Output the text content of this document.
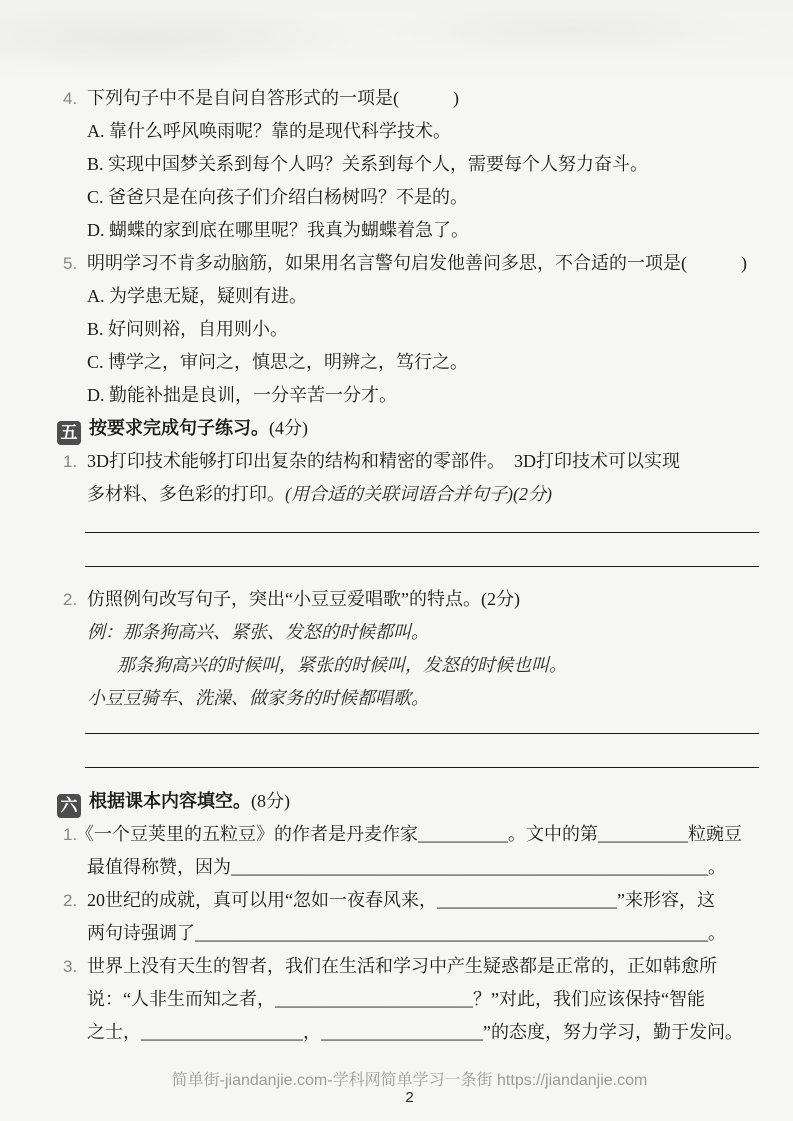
4. 下列句子中不是自问自答形式的一项是(　　　)
A. 靠什么呼风唤雨呢？靠的是现代科学技术。
B. 实现中国梦关系到每个人吗？关系到每个人，需要每个人努力奋斗。
C. 爸爸只是在向孩子们介绍白杨树吗？不是的。
D. 蝴蝶的家到底在哪里呢？我真为蝴蝶着急了。
5. 明明学习不肯多动脑筋，如果用名言警句启发他善问多思，不合适的一项是(　　　)
A. 为学患无疑，疑则有进。
B. 好问则裕，自用则小。
C. 博学之，审问之，慎思之，明辨之，笃行之。
D. 勤能补拙是良训，一分辛苦一分才。
五 按要求完成句子练习。(4分)
1. 3D打印技术能够打印出复杂的结构和精密的零部件。　3D打印技术可以实现
多材料、多色彩的打印。(用合适的关联词语合并句子)(2分)
2. 仿照例句改写句子，突出“小豆豆爱唱歌”的特点。(2分)
例：那条狗高兴、紧张、发怒的时候都叫。
那条狗高兴的时候叫，紧张的时候叫，发怒的时候也叫。
小豆豆骑车、洗澡、做家务的时候都唱歌。
六 根据课本内容填空。(8分)
1.
《一个豆荚里的五粒豆》的作者是丹麦作家__________。文中的第__________粒豌豆
最值得称赞，因为_____________________________________________________。
2. 20世纪的成就，真可以用“忽如一夜春风来，____________________”来形容，这
两句诗强调了_________________________________________________________。
3. 世界上没有天生的智者，我们在生活和学习中产生疑惑都是正常的，正如韩愈所
说：“人非生而知之者，______________________？”对此，我们应该保持“智能
之士，__________________，__________________”的态度，努力学习，勤于发问。
简单街-jiandanjie.com-学科网简单学习一条街 https://jiandanjie.com
2
